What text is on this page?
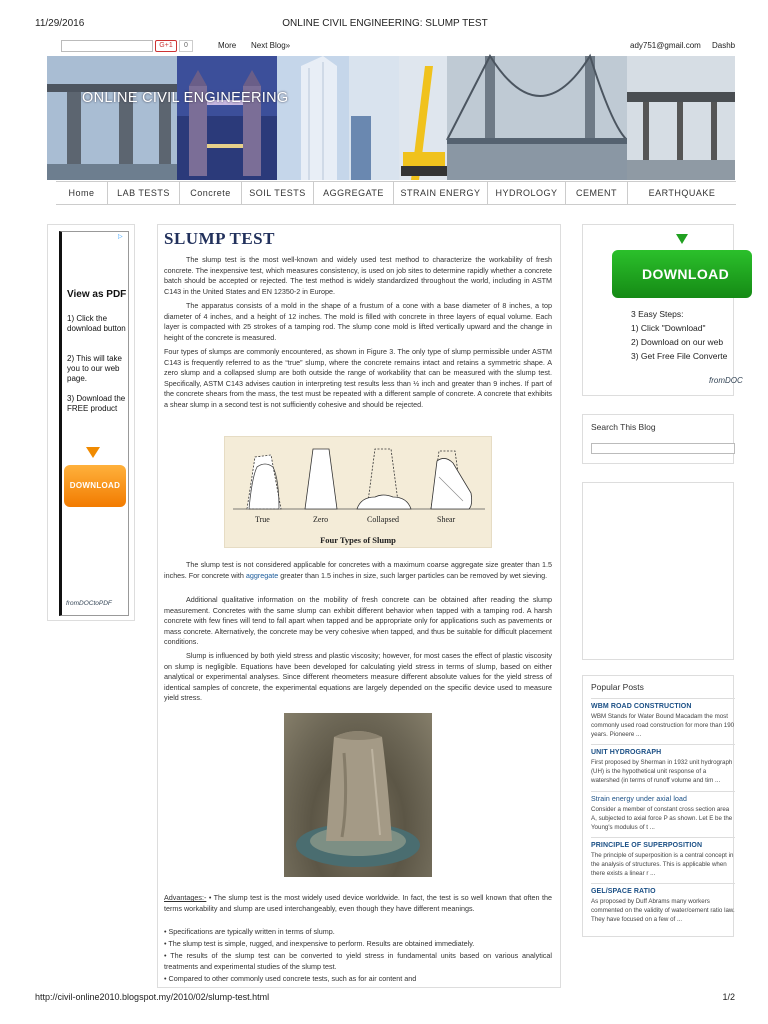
11/29/2016	ONLINE CIVIL ENGINEERING: SLUMP TEST
G+1	0	More Next Blog»	ady751@gmail.com Dashb
ONLINE CIVIL ENGINEERING
Home	LAB TESTS	Concrete	SOIL TESTS	AGGREGATE	STRAIN ENERGY	HYDROLOGY	CEMENT	EARTHQUAKE
▷
View as PDF
1) Click the download button
2) This will take you to our web page.
3) Download the FREE product
DOWNLOAD
fromDOCtoPDF
SLUMP TEST

The slump test is the most well-known and widely used test method to characterize the workability of fresh concrete. The inexpensive test, which measures consistency, is used on job sites to determine rapidly whether a concrete batch should be accepted or rejected. The test method is widely standardized throughout the world, including in ASTM C143 in the United States and EN 12350-2 in Europe.

The apparatus consists of a mold in the shape of a frustum of a cone with a base diameter of 8 inches, a top diameter of 4 inches, and a height of 12 inches. The mold is filled with concrete in three layers of equal volume. Each layer is compacted with 25 strokes of a tamping rod. The slump cone mold is lifted vertically upward and the change in height of the concrete is measured.

Four types of slumps are commonly encountered, as shown in Figure 3. The only type of slump permissible under ASTM C143 is frequently referred to as the “true” slump, where the concrete remains intact and retains a symmetric shape. A zero slump and a collapsed slump are both outside the range of workability that can be measured with the slump test. Specifically, ASTM C143 advises caution in interpreting test results less than ½ inch and greater than 9 inches. If part of the concrete shears from the mass, the test must be repeated with a different sample of concrete. A concrete that exhibits a shear slump in a second test is not sufficiently cohesive and should be rejected.

True	Zero	Collapsed	Shear
Four Types of Slump

The slump test is not considered applicable for concretes with a maximum coarse aggregate size greater than 1.5 inches. For concrete with aggregate greater than 1.5 inches in size, such larger particles can be removed by wet sieving.

Additional qualitative information on the mobility of fresh concrete can be obtained after reading the slump measurement. Concretes with the same slump can exhibit different behavior when tapped with a tamping rod. A harsh concrete with few fines will tend to fall apart when tapped and be appropriate only for applications such as pavements or mass concrete. Alternatively, the concrete may be very cohesive when tapped, and thus be suitable for difficult placement conditions.

Slump is influenced by both yield stress and plastic viscosity; however, for most cases the effect of plastic viscosity on slump is negligible. Equations have been developed for calculating yield stress in terms of slump, based on either analytical or experimental analyses. Since different rheometers measure different absolute values for the yield stress of identical samples of concrete, the experimental equations are largely depended on the specific device used to measure yield stress.

Advantages:- • The slump test is the most widely used device worldwide. In fact, the test is so well known that often the terms workability and slump are used interchangeably, even though they have different meanings.

• Specifications are typically written in terms of slump.

• The slump test is simple, rugged, and inexpensive to perform. Results are obtained immediately.

• The results of the slump test can be converted to yield stress in fundamental units based on various analytical treatments and experimental studies of the slump test.

• Compared to other commonly used concrete tests, such as for air content and

DOWNLOAD
3 Easy Steps:
1) Click "Download"
2) Download on our web
3) Get Free File Converte
fromDOC
Search This Blog
Popular Posts
WBM ROAD CONSTRUCTION
WBM Stands for Water Bound Macadam the most commonly used road construction for more than 190 years. Pioneere ...
UNIT HYDROGRAPH
First proposed by Sherman in 1932 unit hydrograph (UH) is the hypothetical unit response of a watershed (in terms of runoff volume and tim ...
Strain energy under axial load
Consider a member of constant cross section area A, subjected to axial force P as shown. Let E be the Young's modulus of t ...
PRINCIPLE OF SUPERPOSITION
The principle of superposition is a central concept in the analysis of structures. This is applicable when there exists a linear r ...
GEL/SPACE RATIO
As proposed by Duff Abrams many workers commented on the validity of water/cement ratio law. They have focused on a few of ...
http://civil-online2010.blogspot.my/2010/02/slump-test.html	1/2
